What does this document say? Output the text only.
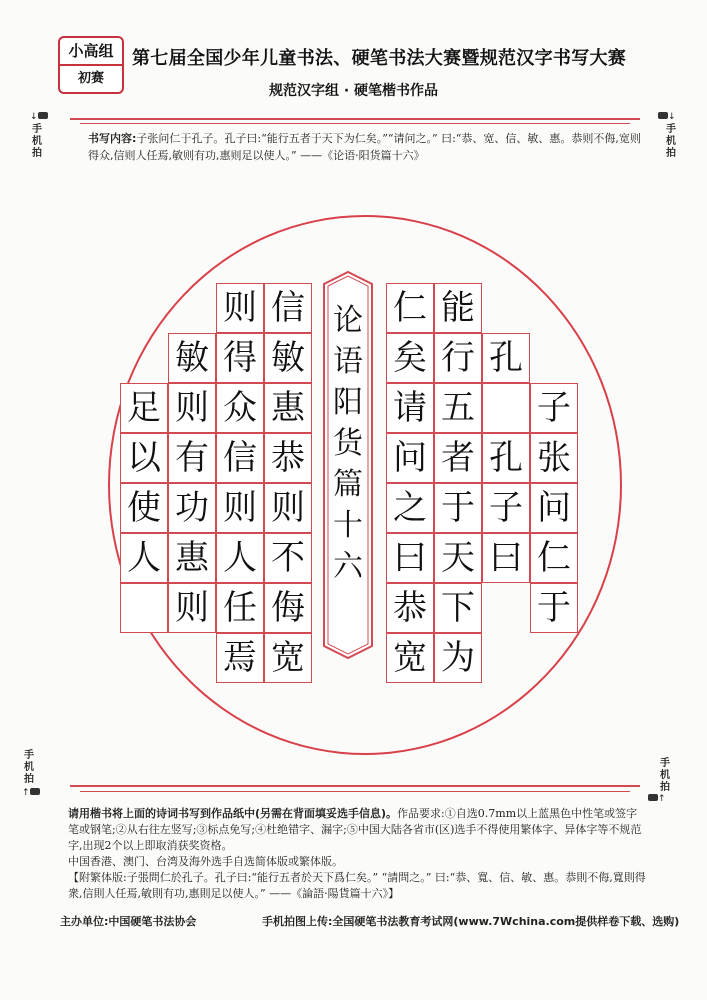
小高组
初赛
第七届全国少年儿童书法、硬笔书法大赛暨规范汉字书写大赛
规范汉字组 · 硬笔楷书作品
↓
手机拍
↓
手机拍
书写内容:子张问仁于孔子。孔子曰:“能行五者于天下为仁矣。”“请问之。” 曰:“恭、宽、信、敏、惠。恭则不侮,宽则得众,信则人任焉,敏则有功,惠则足以使人。” ——《论语·阳货篇十六》
论
语
阳
货
篇
十
六
子
张
问
仁
于
孔
孔
子
曰
能
行
五
者
于
天
下
为
仁
矣
请
问
之
曰
恭
宽
信
敏
惠
恭
则
不
侮
宽
则
得
众
信
则
人
任
焉
敏
则
有
功
惠
则
足
以
使
人
手机拍
↑
手机拍
↑
请用楷书将上面的诗词书写到作品纸中(另需在背面填妥选手信息)。作品要求:①自选0.7mm以上蓝黑色中性笔或签字笔或钢笔;②从右往左竖写;③标点免写;④杜绝错字、漏字;⑤中国大陆各省市(区)选手不得使用繁体字、异体字等不规范字,出现2个以上即取消获奖资格。
中国香港、澳门、台湾及海外选手自选简体版或繁体版。
【附繁体版:子張問仁於孔子。孔子曰:“能行五者於天下爲仁矣。” “請問之。” 曰:“恭、寬、信、敏、惠。恭則不侮,寬則得衆,信則人任焉,敏則有功,惠則足以使人。” ——《論語·陽貨篇十六》】
主办单位:中国硬笔书法协会	手机拍图上传:全国硬笔书法教育考试网(www.7Wchina.com提供样卷下载、选购)
